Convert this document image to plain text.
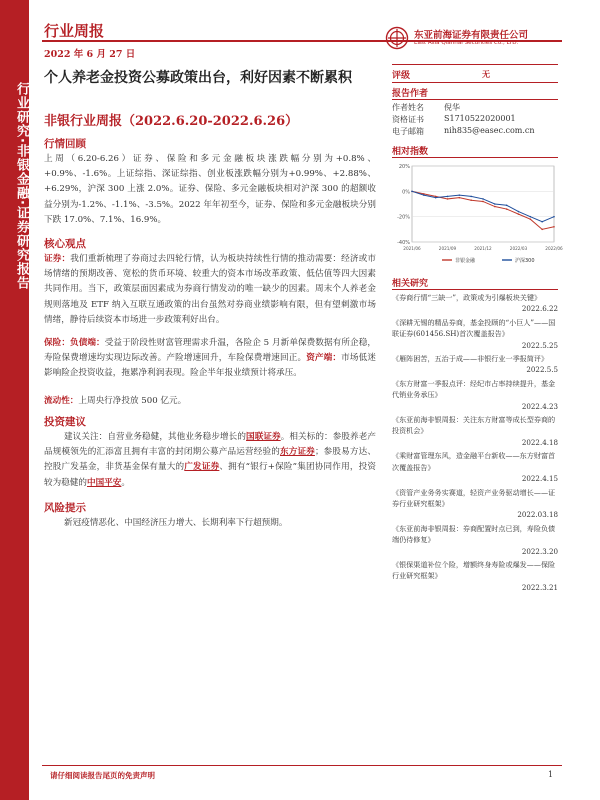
行业研究·非银金融·证券研究报告
行业周报
2022 年 6 月 27 日
东亚前海证券有限责任公司
East Asia Qianhai Securities Co., LTD.
个人养老金投资公募政策出台，利好因素不断累积
非银行业周报（2022.6.20-2022.6.26）
行情回顾
上周（6.20-6.26）证券、保险和多元金融板块涨跌幅分别为+0.8%、+0.9%、-1.6%。上证综指、深证综指、创业板涨跌幅分别为+0.99%、+2.88%、+6.29%，沪深 300 上涨 2.0%。证券、保险、多元金融板块相对沪深 300 的超额收益分别为-1.2%、-1.1%、-3.5%。2022 年年初至今，证券、保险和多元金融板块分别下跌 17.0%、7.1%、16.9%。
核心观点
证券：我们重新梳理了券商过去四轮行情，认为板块持续性行情的推动需要：经济或市场情绪的预期改善、宽松的货币环境、较重大的资本市场改革政策、低估值等四大因素共同作用。当下，政策层面因素成为券商行情发动的唯一缺少的因素。周末个人养老金规则落地及 ETF 纳入互联互通政策的出台虽然对券商业绩影响有限，但有望刺激市场情绪，静待后续资本市场进一步政策利好出台。
保险：负债端：受益于阶段性财富管理需求升温，各险企 5 月新单保费数据有所企稳，寿险保费增速均实现边际改善。产险增速回升，车险保费增速回正。资产端：市场低迷影响险企投资收益，拖累净利润表现。险企半年报业绩预计将承压。
流动性：上周央行净投放 500 亿元。
投资建议
建议关注：自营业务稳健，其他业务稳步增长的国联证券。相关标的：参股养老产品规模领先的汇添富且拥有丰富的封闭期公募产品运营经验的东方证券；参股易方达、控股广发基金，非货基金保有量大的广发证券、拥有“银行+保险”集团协同作用，投资较为稳健的中国平安。
风险提示
新冠疫情恶化、中国经济压力增大、长期利率下行超预期。
评级	无
报告作者
作者姓名	倪华
资格证书	S1710522020001
电子邮箱	nih835@easec.com.cn
相对指数
-40%
-20%
0%
20%
2021/06	2021/09	2021/12	2022/03	2022/06
非银金融	沪深300
相关研究
《券商行情“三缺一”，政策或为引爆板块关键》
2022.6.22
《深耕无锡的精品券商，基金投顾的“小巨人”——国联证券(601456.SH)首次覆盖报告》
2022.5.25
《雁阵困苦，五治于成——非银行业一季报简评》
2022.5.5
《东方财富一季报点评：经纪市占率持续提升，基金代销业务承压》
2022.4.23
《东亚前海非银周报：关注东方财富等成长型券商的投资机会》
2022.4.18
《乘财富管理东风，造金融平台新收——东方财富首次覆盖报告》
2022.4.15
《资管产业务务实赛道，轻资产业务驱动增长——证券行业研究框架》
2022.03.18
《东亚前海非银周报：券商配置时点已到，寿险负债端仍待修复》
2022.3.20
《银保渠道补位个险，增额终身寿险或爆发——保险行业研究框架》
2022.3.21
请仔细阅读报告尾页的免责声明	1
